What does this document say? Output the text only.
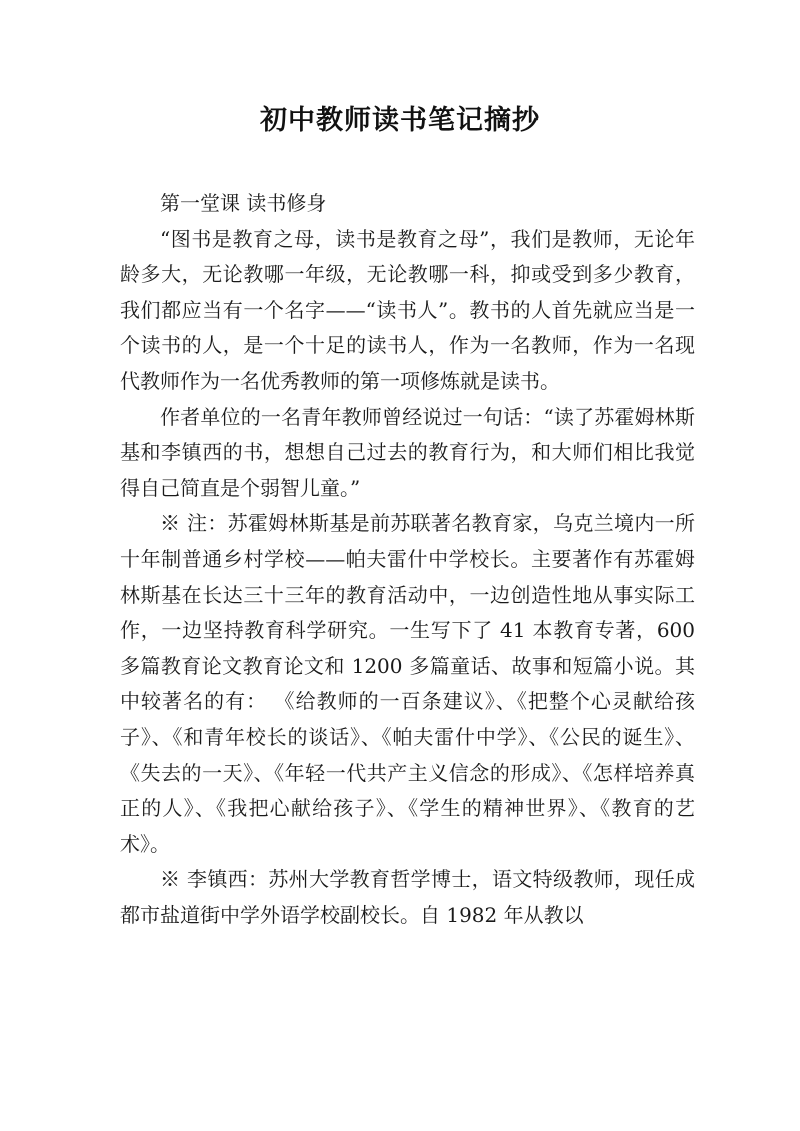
初中教师读书笔记摘抄

第一堂课 读书修身

“图书是教育之母，读书是教育之母”，我们是教师，无论年龄多大，无论教哪一年级，无论教哪一科，抑或受到多少教育，我们都应当有一个名字——“读书人”。教书的人首先就应当是一个读书的人，是一个十足的读书人，作为一名教师，作为一名现代教师作为一名优秀教师的第一项修炼就是读书。

作者单位的一名青年教师曾经说过一句话：“读了苏霍姆林斯基和李镇西的书，想想自己过去的教育行为，和大师们相比我觉得自己简直是个弱智儿童。”

※ 注：苏霍姆林斯基是前苏联著名教育家，乌克兰境内一所十年制普通乡村学校——帕夫雷什中学校长。主要著作有苏霍姆林斯基在长达三十三年的教育活动中，一边创造性地从事实际工作，一边坚持教育科学研究。一生写下了 41 本教育专著，600 多篇教育论文教育论文和 1200 多篇童话、故事和短篇小说。其中较著名的有： 《给教师的一百条建议》、《把整个心灵献给孩子》、《和青年校长的谈话》、《帕夫雷什中学》、《公民的诞生》、《失去的一天》、《年轻一代共产主义信念的形成》、《怎样培养真正的人》、《我把心献给孩子》、《学生的精神世界》、《教育的艺术》。

※ 李镇西：苏州大学教育哲学博士，语文特级教师，现任成都市盐道街中学外语学校副校长。自 1982 年从教以
